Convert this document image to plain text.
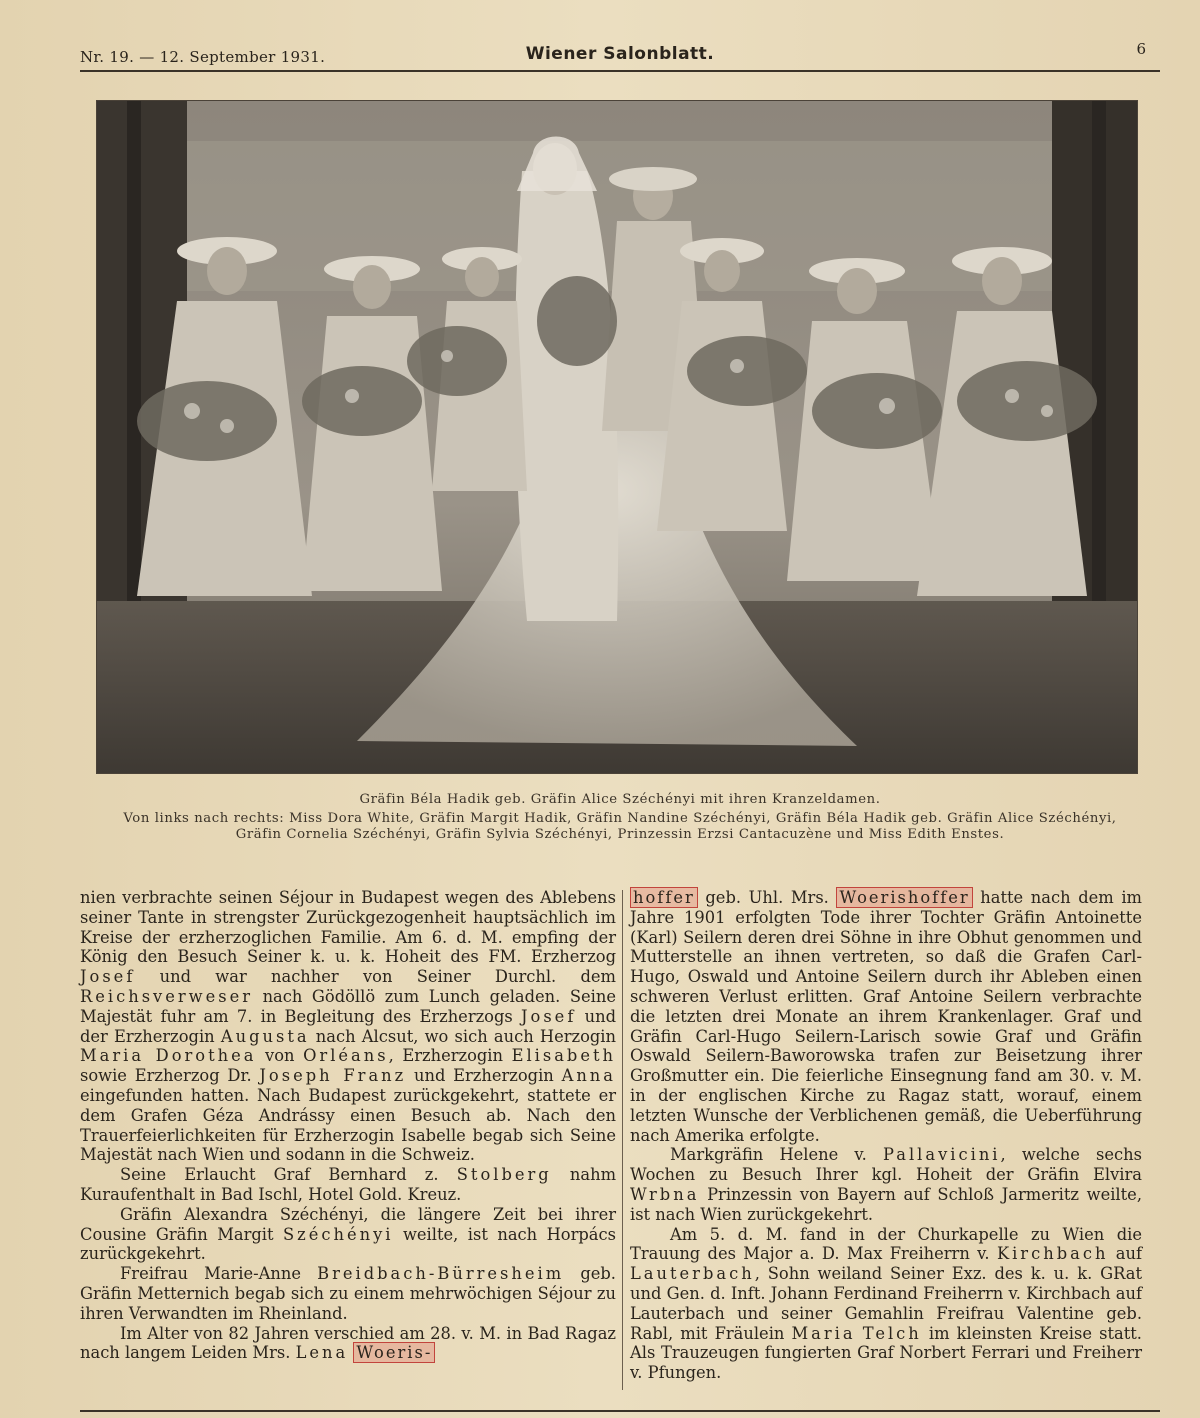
Nr. 19. — 12. September 1931.	Wiener Salonblatt.	6
Gräfin Béla Hadik geb. Gräfin Alice Széchényi mit ihren Kranzeldamen.
Von links nach rechts: Miss Dora White, Gräfin Margit Hadik, Gräfin Nandine Széchényi, Gräfin Béla Hadik geb. Gräfin Alice Széchényi, Gräfin Cornelia Széchényi, Gräfin Sylvia Széchényi, Prinzessin Erzsi Cantacuzène und Miss Edith Enstes.

nien verbrachte seinen Séjour in Budapest wegen des Ablebens seiner Tante in strengster Zurückgezogenheit hauptsächlich im Kreise der erzherzoglichen Familie. Am 6. d. M. empfing der König den Besuch Seiner k. u. k. Hoheit des FM. Erzherzog Josef und war nachher von Seiner Durchl. dem Reichsverweser nach Gödöllö zum Lunch geladen. Seine Majestät fuhr am 7. in Begleitung des Erzherzogs Josef und der Erzherzogin Augusta nach Alcsut, wo sich auch Herzogin Maria Dorothea von Orléans, Erzherzogin Elisabeth sowie Erzherzog Dr. Joseph Franz und Erzherzogin Anna eingefunden hatten. Nach Budapest zurückgekehrt, stattete er dem Grafen Géza Andrássy einen Besuch ab. Nach den Trauerfeierlichkeiten für Erzherzogin Isabelle begab sich Seine Majestät nach Wien und sodann in die Schweiz.

Seine Erlaucht Graf Bernhard z. Stolberg nahm Kuraufenthalt in Bad Ischl, Hotel Gold. Kreuz.

Gräfin Alexandra Széchényi, die längere Zeit bei ihrer Cousine Gräfin Margit Széchényi weilte, ist nach Horpács zurückgekehrt.

Freifrau Marie-Anne Breidbach-Bürresheim geb. Gräfin Metternich begab sich zu einem mehrwöchigen Séjour zu ihren Verwandten im Rheinland.

Im Alter von 82 Jahren verschied am 28. v. M. in Bad Ragaz nach langem Leiden Mrs. Lena Woeris-

hoffer geb. Uhl. Mrs. Woerishoffer hatte nach dem im Jahre 1901 erfolgten Tode ihrer Tochter Gräfin Antoinette (Karl) Seilern deren drei Söhne in ihre Obhut genommen und Mutterstelle an ihnen vertreten, so daß die Grafen Carl-Hugo, Oswald und Antoine Seilern durch ihr Ableben einen schweren Verlust erlitten. Graf Antoine Seilern verbrachte die letzten drei Monate an ihrem Krankenlager. Graf und Gräfin Carl-Hugo Seilern-Larisch sowie Graf und Gräfin Oswald Seilern-Baworowska trafen zur Beisetzung ihrer Großmutter ein. Die feierliche Einsegnung fand am 30. v. M. in der englischen Kirche zu Ragaz statt, worauf, einem letzten Wunsche der Verblichenen gemäß, die Ueberführung nach Amerika erfolgte.

Markgräfin Helene v. Pallavicini, welche sechs Wochen zu Besuch Ihrer kgl. Hoheit der Gräfin Elvira Wrbna Prinzessin von Bayern auf Schloß Jarmeritz weilte, ist nach Wien zurückgekehrt.

Am 5. d. M. fand in der Churkapelle zu Wien die Trauung des Major a. D. Max Freiherrn v. Kirchbach auf Lauterbach, Sohn weiland Seiner Exz. des k. u. k. GRat und Gen. d. Inft. Johann Ferdinand Freiherrn v. Kirchbach auf Lauterbach und seiner Gemahlin Freifrau Valentine geb. Rabl, mit Fräulein Maria Telch im kleinsten Kreise statt. Als Trauzeugen fungierten Graf Norbert Ferrari und Freiherr v. Pfungen.
